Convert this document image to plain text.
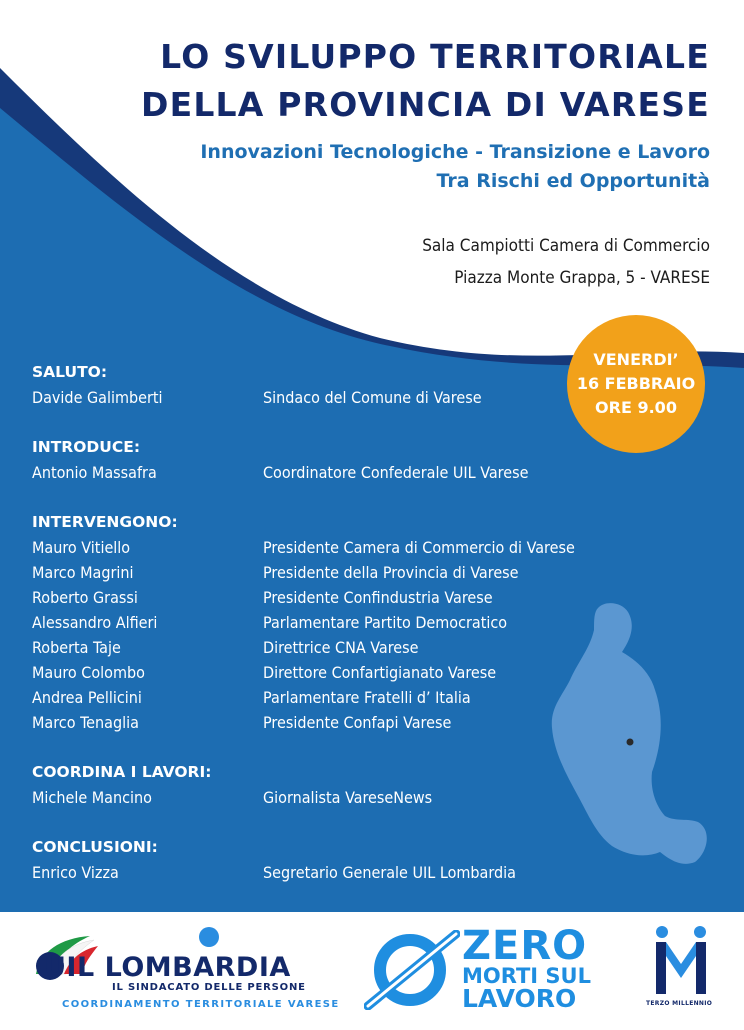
LO SVILUPPO TERRITORIALE
DELLA PROVINCIA DI VARESE
Innovazioni Tecnologiche - Transizione e Lavoro
Tra Rischi ed Opportunità
Sala Campiotti Camera di Commercio
Piazza Monte Grappa, 5 - VARESE
VENERDI’
16 FEBBRAIO
ORE 9.00
SALUTO:
Davide Galimberti	Sindaco del Comune di Varese
INTRODUCE:
Antonio Massafra	Coordinatore Confederale UIL Varese
INTERVENGONO:
Mauro Vitiello	Presidente Camera di Commercio di Varese
Marco Magrini	Presidente della Provincia di Varese
Roberto Grassi	Presidente Confindustria Varese
Alessandro Alfieri	Parlamentare Partito Democratico
Roberta Taje	Direttrice CNA Varese
Mauro Colombo	Direttore Confartigianato Varese
Andrea Pellicini	Parlamentare Fratelli d’ Italia
Marco Tenaglia	Presidente Confapi Varese
COORDINA I LAVORI:
Michele Mancino	Giornalista VareseNews
CONCLUSIONI:
Enrico Vizza	Segretario Generale UIL Lombardia
UIL LOMBARDIA
IL SINDACATO DELLE PERSONE
COORDINAMENTO TERRITORIALE VARESE
ZERO
MORTI SUL
LAVORO	TERZO MILLENNIO
